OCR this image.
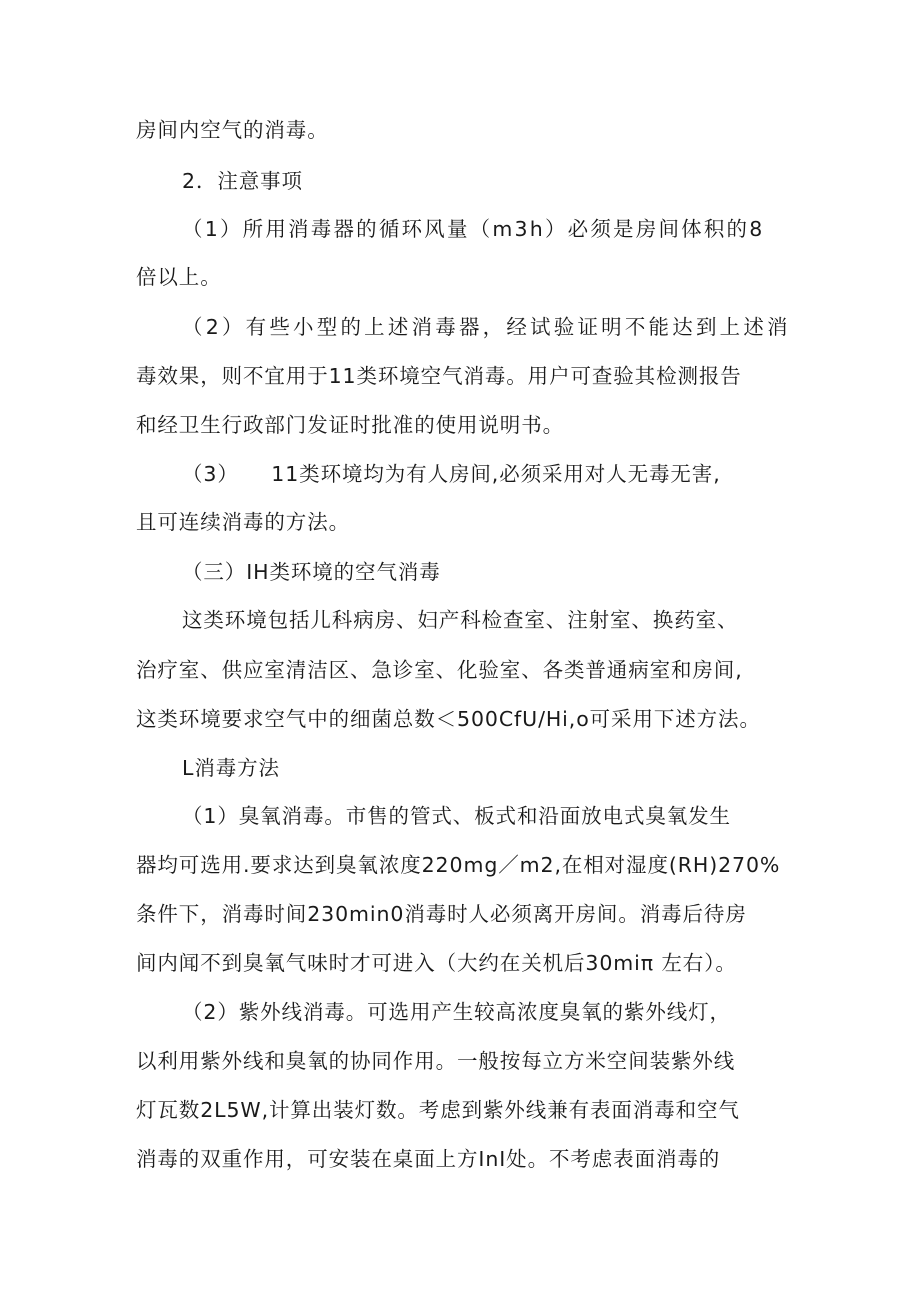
房间内空气的消毒。
2．注意事项
（1）所用消毒器的循环风量（m3h）必须是房间体积的8
倍以上。
（2）有些小型的上述消毒器，经试验证明不能达到上述消
毒效果，则不宜用于11类环境空气消毒。用户可查验其检测报告
和经卫生行政部门发证时批准的使用说明书。
（3）　　11类环境均为有人房间,必须采用对人无毒无害,
且可连续消毒的方法。
（三）IH类环境的空气消毒
这类环境包括儿科病房、妇产科检查室、注射室、换药室、
治疗室、供应室清洁区、急诊室、化验室、各类普通病室和房间,
这类环境要求空气中的细菌总数＜500CfU/Hi,o可采用下述方法。
L消毒方法
（1）臭氧消毒。市售的管式、板式和沿面放电式臭氧发生
器均可选用.要求达到臭氧浓度220mg／m2,在相对湿度(RH)270%
条件下，消毒时间230min0消毒时人必须离开房间。消毒后待房
间内闻不到臭氧气味时才可进入（大约在关机后30miπ 左右）。
（2）紫外线消毒。可选用产生较高浓度臭氧的紫外线灯，
以利用紫外线和臭氧的协同作用。一般按每立方米空间装紫外线
灯瓦数2L5W,计算出装灯数。考虑到紫外线兼有表面消毒和空气
消毒的双重作用，可安装在桌面上方InI处。不考虑表面消毒的
